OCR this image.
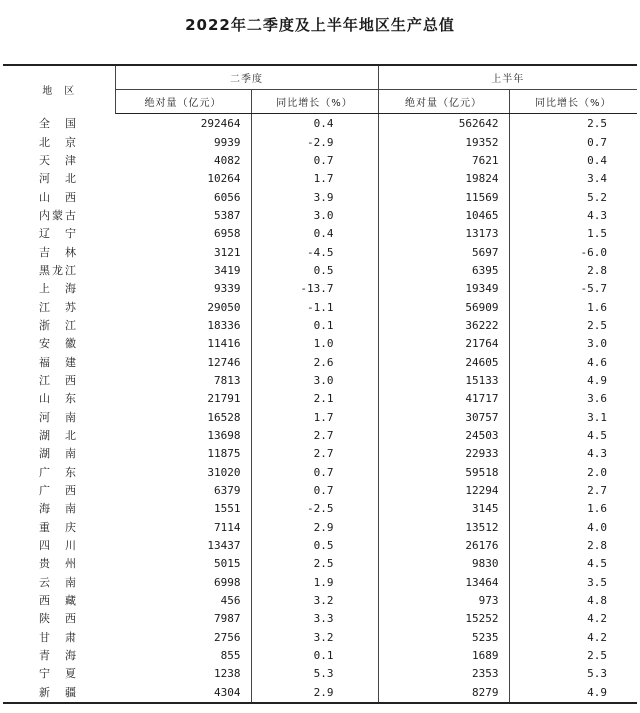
2022年二季度及上半年地区生产总值
地　区	二季度		上半年	
	绝对量（亿元）	同比增长（%）	绝对量（亿元）	同比增长（%）
全　国	292464	0.4	562642	2.5
北　京	9939	-2.9	19352	0.7
天　津	4082	0.7	7621	0.4
河　北	10264	1.7	19824	3.4
山　西	6056	3.9	11569	5.2
内蒙古	5387	3.0	10465	4.3
辽　宁	6958	0.4	13173	1.5
吉　林	3121	-4.5	5697	-6.0
黑龙江	3419	0.5	6395	2.8
上　海	9339	-13.7	19349	-5.7
江　苏	29050	-1.1	56909	1.6
浙　江	18336	0.1	36222	2.5
安　徽	11416	1.0	21764	3.0
福　建	12746	2.6	24605	4.6
江　西	7813	3.0	15133	4.9
山　东	21791	2.1	41717	3.6
河　南	16528	1.7	30757	3.1
湖　北	13698	2.7	24503	4.5
湖　南	11875	2.7	22933	4.3
广　东	31020	0.7	59518	2.0
广　西	6379	0.7	12294	2.7
海　南	1551	-2.5	3145	1.6
重　庆	7114	2.9	13512	4.0
四　川	13437	0.5	26176	2.8
贵　州	5015	2.5	9830	4.5
云　南	6998	1.9	13464	3.5
西　藏	456	3.2	973	4.8
陕　西	7987	3.3	15252	4.2
甘　肃	2756	3.2	5235	4.2
青　海	855	0.1	1689	2.5
宁　夏	1238	5.3	2353	5.3
新　疆	4304	2.9	8279	4.9
